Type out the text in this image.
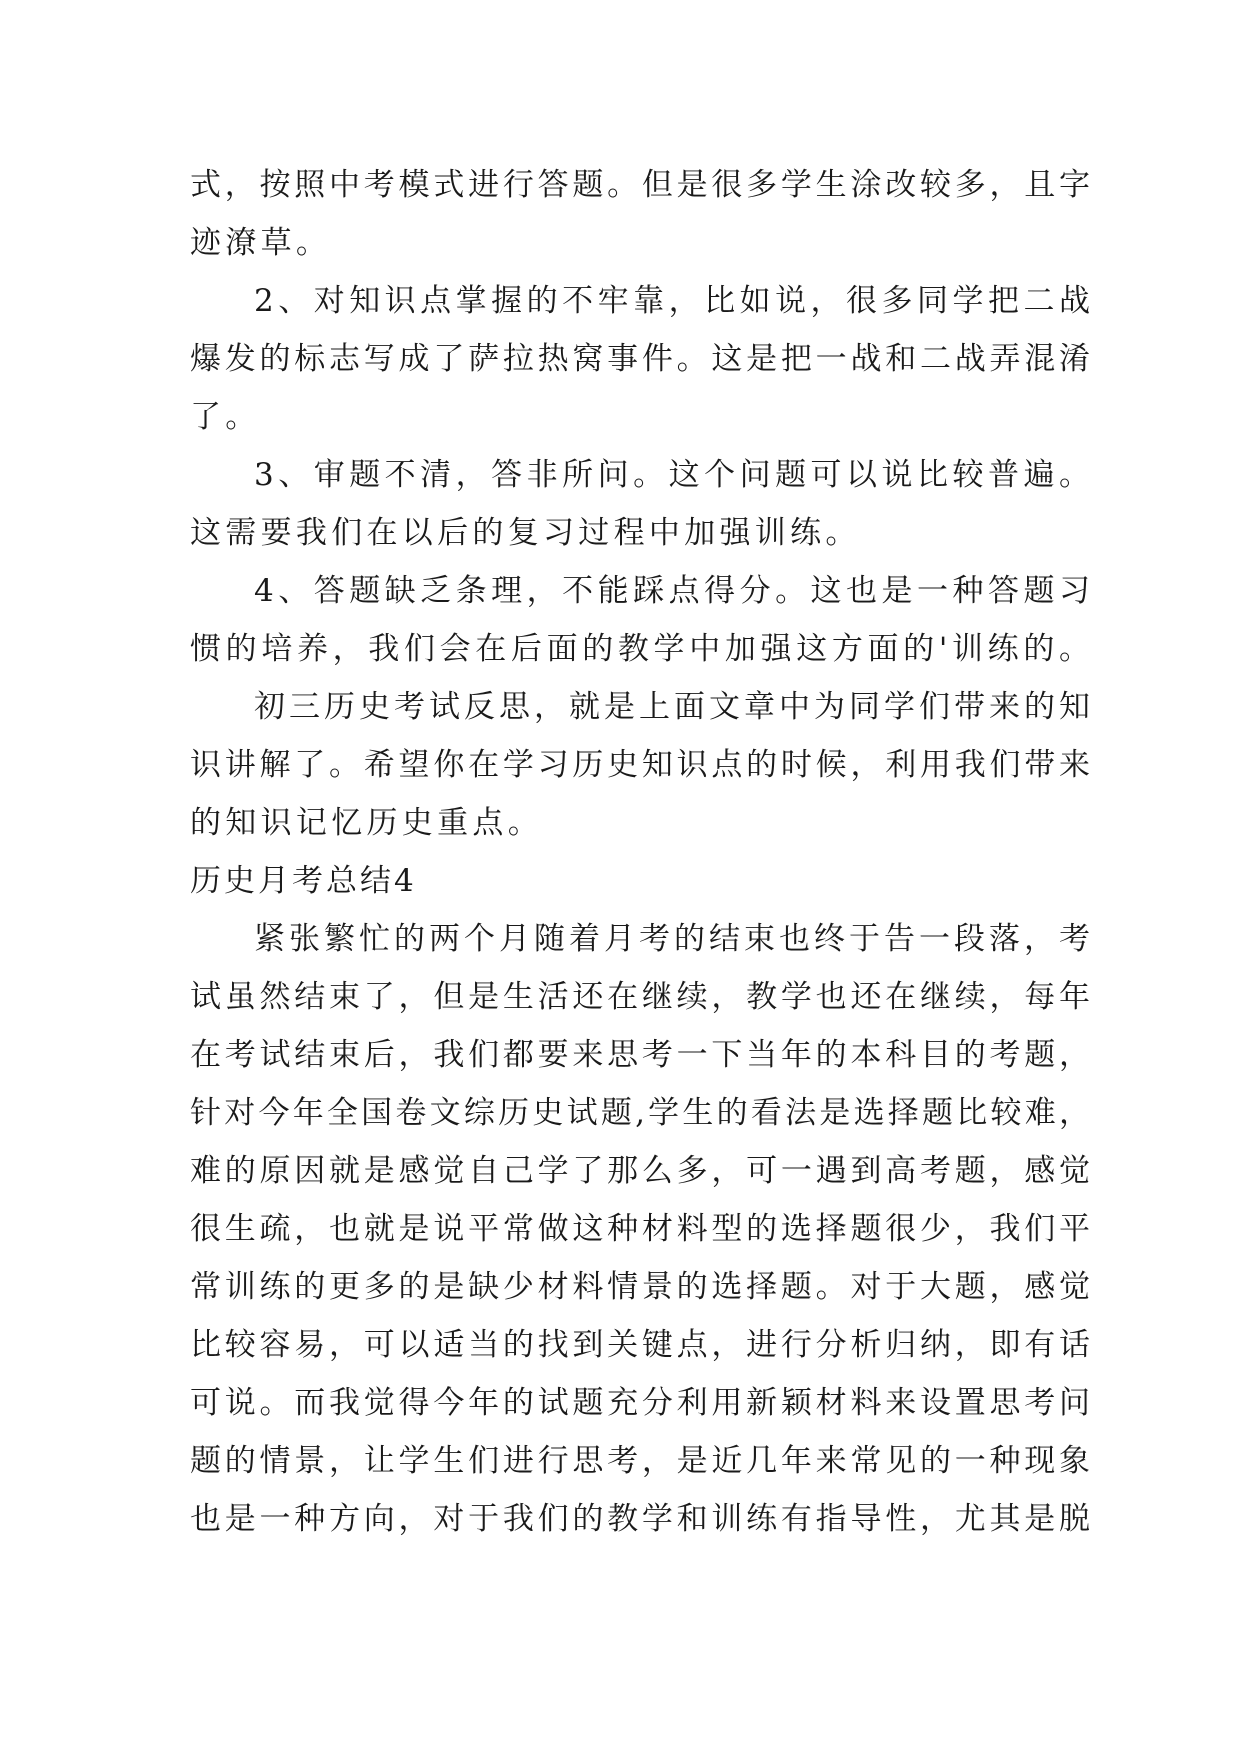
式，按照中考模式进行答题。但是很多学生涂改较多，且字
迹潦草。
2、对知识点掌握的不牢靠，比如说，很多同学把二战
爆发的标志写成了萨拉热窝事件。这是把一战和二战弄混淆
了。
3、审题不清，答非所问。这个问题可以说比较普遍。
这需要我们在以后的复习过程中加强训练。
4、答题缺乏条理，不能踩点得分。这也是一种答题习
惯的培养，我们会在后面的教学中加强这方面的'训练的。
初三历史考试反思，就是上面文章中为同学们带来的知
识讲解了。希望你在学习历史知识点的时候，利用我们带来
的知识记忆历史重点。
历史月考总结4
紧张繁忙的两个月随着月考的结束也终于告一段落，考
试虽然结束了，但是生活还在继续，教学也还在继续，每年
在考试结束后，我们都要来思考一下当年的本科目的考题，
针对今年全国卷文综历史试题,学生的看法是选择题比较难，
难的原因就是感觉自己学了那么多，可一遇到高考题，感觉
很生疏，也就是说平常做这种材料型的选择题很少，我们平
常训练的更多的是缺少材料情景的选择题。对于大题，感觉
比较容易，可以适当的找到关键点，进行分析归纳，即有话
可说。而我觉得今年的试题充分利用新颖材料来设置思考问
题的情景，让学生们进行思考，是近几年来常见的一种现象
也是一种方向，对于我们的教学和训练有指导性，尤其是脱
